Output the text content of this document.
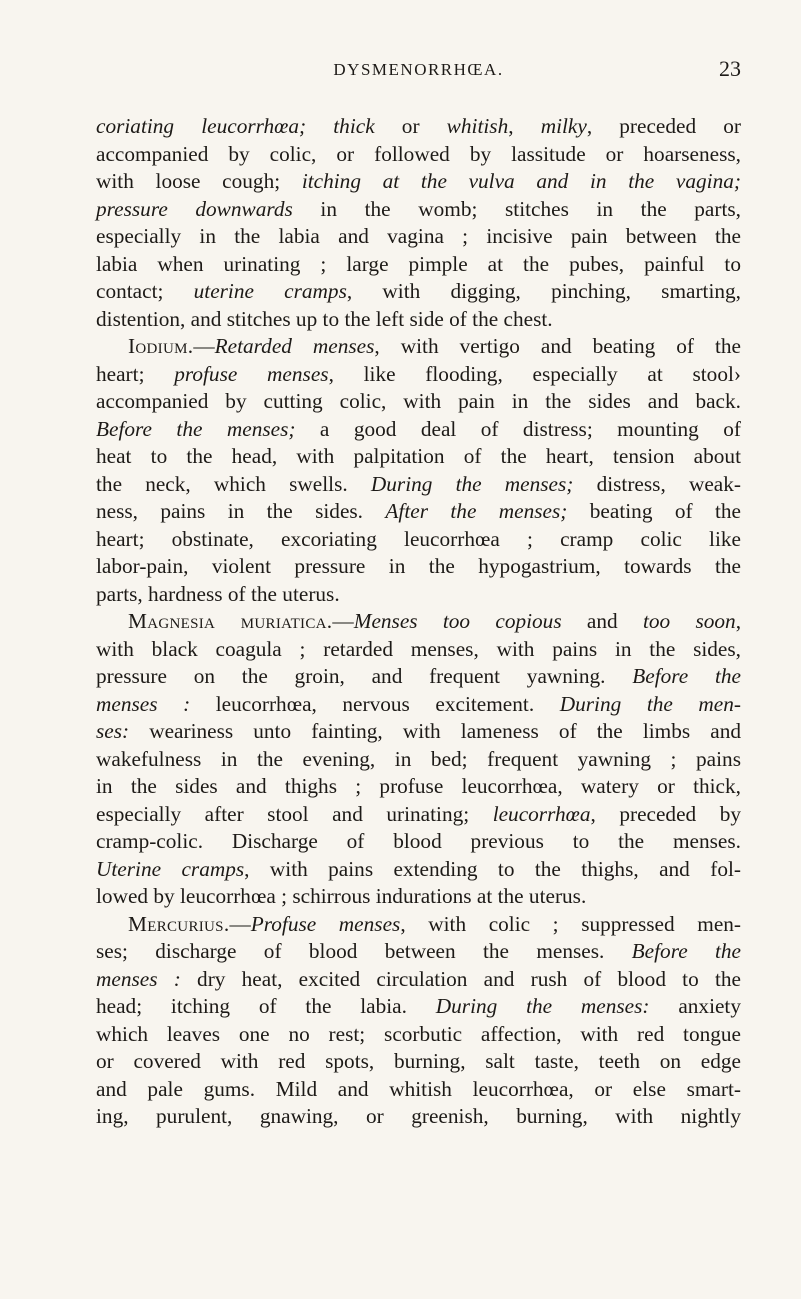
DYSMENORRHŒA.	23
coriating leucorrhœa; thick or whitish, milky, preceded or
accompanied by colic, or followed by lassitude or hoarseness,
with loose cough; itching at the vulva and in the vagina;
pressure downwards in the womb; stitches in the parts,
especially in the labia and vagina ; incisive pain between the
labia when urinating ; large pimple at the pubes, painful to
contact; uterine cramps, with digging, pinching, smarting,
distention, and stitches up to the left side of the chest.
Iodium.—Retarded menses, with vertigo and beating of the
heart; profuse menses, like flooding, especially at stool›
accompanied by cutting colic, with pain in the sides and back.
Before the menses; a good deal of distress; mounting of
heat to the head, with palpitation of the heart, tension about
the neck, which swells. During the menses; distress, weak-
ness, pains in the sides. After the menses; beating of the
heart; obstinate, excoriating leucorrhœa ; cramp colic like
labor-pain, violent pressure in the hypogastrium, towards the
parts, hardness of the uterus.
Magnesia muriatica.—Menses too copious and too soon,
with black coagula ; retarded menses, with pains in the sides,
pressure on the groin, and frequent yawning. Before the
menses : leucorrhœa, nervous excitement. During the men-
ses: weariness unto fainting, with lameness of the limbs and
wakefulness in the evening, in bed; frequent yawning ; pains
in the sides and thighs ; profuse leucorrhœa, watery or thick,
especially after stool and urinating; leucorrhœa, preceded by
cramp-colic. Discharge of blood previous to the menses.
Uterine cramps, with pains extending to the thighs, and fol-
lowed by leucorrhœa ; schirrous indurations at the uterus.
Mercurius.—Profuse menses, with colic ; suppressed men-
ses; discharge of blood between the menses. Before the
menses : dry heat, excited circulation and rush of blood to the
head; itching of the labia. During the menses: anxiety
which leaves one no rest; scorbutic affection, with red tongue
or covered with red spots, burning, salt taste, teeth on edge
and pale gums. Mild and whitish leucorrhœa, or else smart-
ing, purulent, gnawing, or greenish, burning, with nightly
